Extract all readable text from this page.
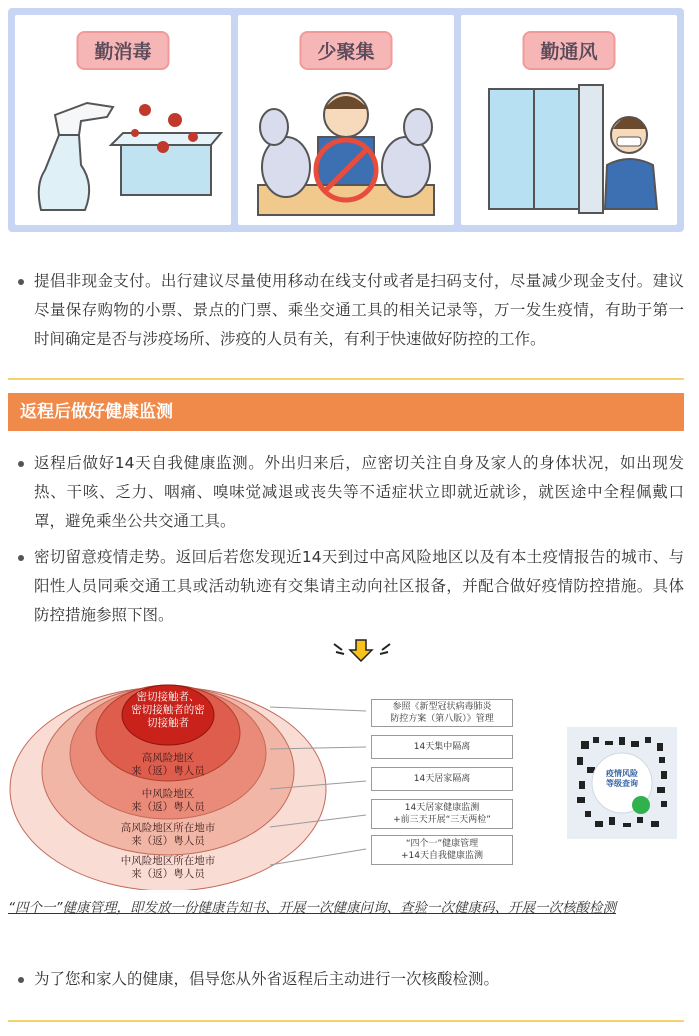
勤消毒	少聚集	勤通风
提倡非现金支付。出行建议尽量使用移动在线支付或者是扫码支付，尽量减少现金支付。建议尽量保存购物的小票、景点的门票、乘坐交通工具的相关记录等，万一发生疫情，有助于第一时间确定是否与涉疫场所、涉疫的人员有关，有利于快速做好防控的工作。
返程后做好健康监测
返程后做好14天自我健康监测。外出归来后，应密切关注自身及家人的身体状况，如出现发热、干咳、乏力、咽痛、嗅味觉减退或丧失等不适症状立即就近就诊，就医途中全程佩戴口罩，避免乘坐公共交通工具。
密切留意疫情走势。返回后若您发现近14天到过中高风险地区以及有本土疫情报告的城市、与阳性人员同乘交通工具或活动轨迹有交集请主动向社区报备，并配合做好疫情防控措施。具体防控措施参照下图。
密切接触者、
密切接触者的密
切接触者
高风险地区
来（返）粤人员
中风险地区
来（返）粤人员
高风险地区所在地市
来（返）粤人员
中风险地区所在地市
来（返）粤人员
参照《新型冠状病毒肺炎
防控方案（第八版）》管理
14天集中隔离
14天居家隔离
14天居家健康监测
+前三天开展“三天两检”
“四个一”健康管理
+14天自我健康监测
疫情风险等级查询
“四个一”健康管理，即发放一份健康告知书、开展一次健康问询、查验一次健康码、开展一次核酸检测
为了您和家人的健康，倡导您从外省返程后主动进行一次核酸检测。
